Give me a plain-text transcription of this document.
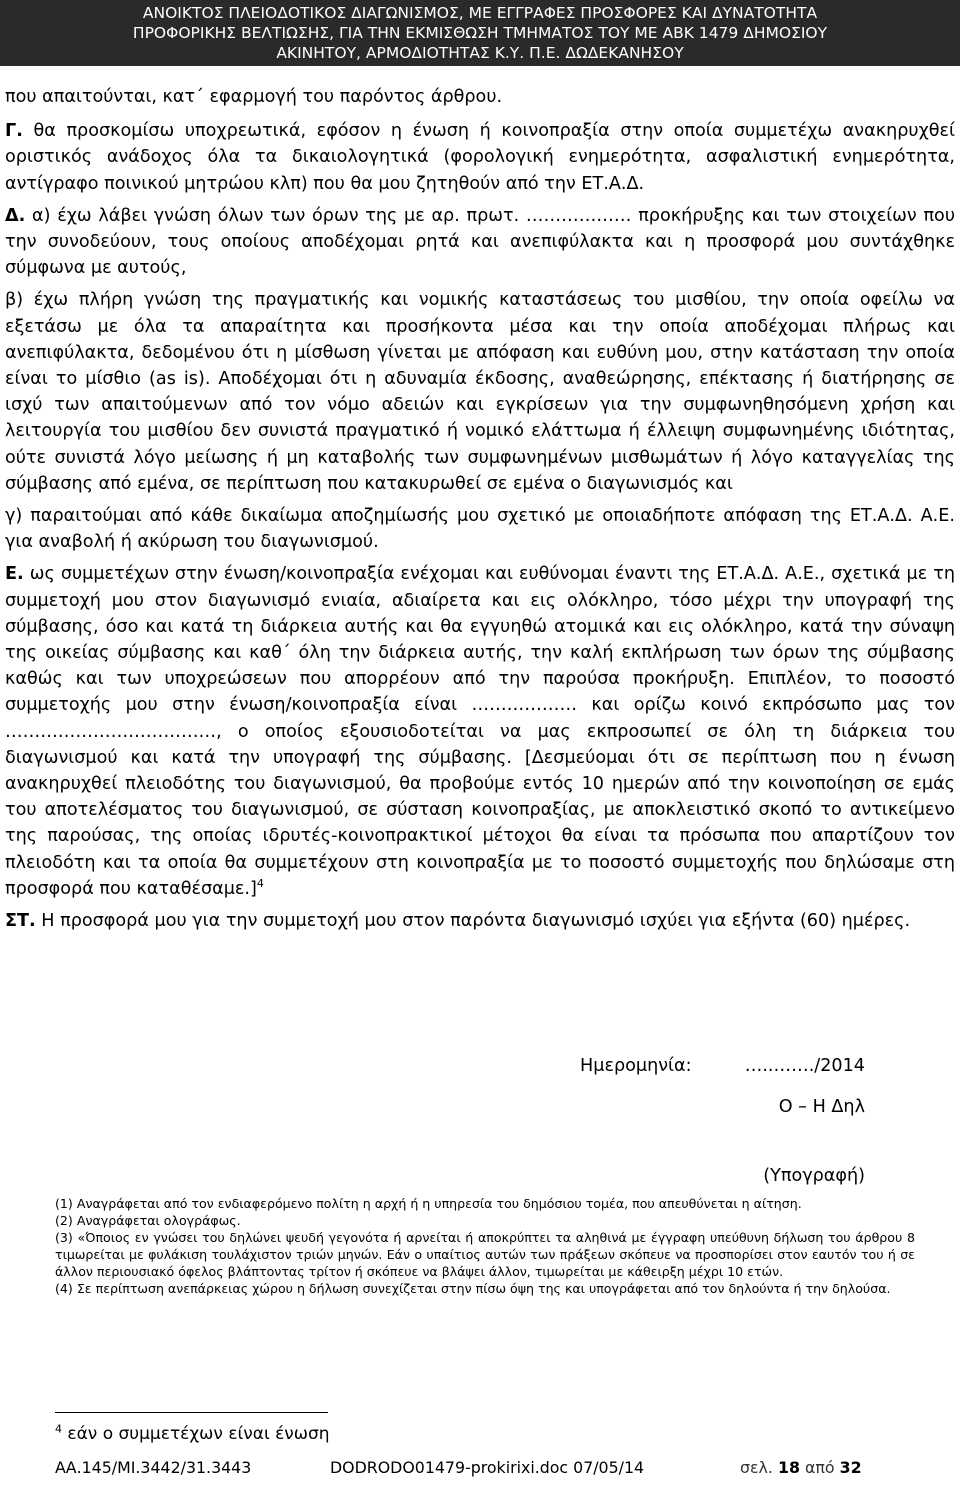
ΑΝΟΙΚΤΟΣ ΠΛΕΙΟΔΟΤΙΚΟΣ ΔΙΑΓΩΝΙΣΜΟΣ, ΜΕ ΕΓΓΡΑΦΕΣ ΠΡΟΣΦΟΡΕΣ ΚΑΙ ΔΥΝΑΤΟΤΗΤΑ
ΠΡΟΦΟΡΙΚΗΣ ΒΕΛΤΙΩΣΗΣ, ΓΙΑ ΤΗΝ ΕΚΜΙΣΘΩΣΗ ΤΜΗΜΑΤΟΣ ΤΟΥ ΜΕ ΑΒΚ 1479 ΔΗΜΟΣΙΟΥ
ΑΚΙΝΗΤΟΥ, ΑΡΜΟΔΙΟΤΗΤΑΣ Κ.Υ. Π.Ε. ΔΩΔΕΚΑΝΗΣΟΥ

που απαιτούνται, κατ΄ εφαρμογή του παρόντος άρθρου.

Γ. θα προσκομίσω υποχρεωτικά, εφόσον η ένωση ή κοινοπραξία στην οποία συμμετέχω ανακηρυχθεί οριστικός ανάδοχος όλα τα δικαιολογητικά (φορολογική ενημερότητα, ασφαλιστική ενημερότητα, αντίγραφο ποινικού μητρώου κλπ) που θα μου ζητηθούν από την ΕΤ.Α.Δ.

Δ. α) έχω λάβει γνώση όλων των όρων της με αρ. πρωτ. ……………… προκήρυξης και των στοιχείων που την συνοδεύουν, τους οποίους αποδέχομαι ρητά και ανεπιφύλακτα και η προσφορά μου συντάχθηκε σύμφωνα με αυτούς,

β) έχω πλήρη γνώση της πραγματικής και νομικής καταστάσεως του μισθίου, την οποία οφείλω να εξετάσω με όλα τα απαραίτητα και προσήκοντα μέσα και την οποία αποδέχομαι πλήρως και ανεπιφύλακτα, δεδομένου ότι η μίσθωση γίνεται με απόφαση και ευθύνη μου, στην κατάσταση την οποία είναι το μίσθιο (as is). Αποδέχομαι ότι η αδυναμία έκδοσης, αναθεώρησης, επέκτασης ή διατήρησης σε ισχύ των απαιτούμενων από τον νόμο αδειών και εγκρίσεων για την συμφωνηθησόμενη χρήση και λειτουργία του μισθίου δεν συνιστά πραγματικό ή νομικό ελάττωμα ή έλλειψη συμφωνημένης ιδιότητας, ούτε συνιστά λόγο μείωσης ή μη καταβολής των συμφωνημένων μισθωμάτων ή λόγο καταγγελίας της σύμβασης από εμένα, σε περίπτωση που κατακυρωθεί σε εμένα ο διαγωνισμός και

γ) παραιτούμαι από κάθε δικαίωμα αποζημίωσής μου σχετικό με οποιαδήποτε απόφαση της ΕΤ.Α.Δ. Α.Ε. για αναβολή ή ακύρωση του διαγωνισμού.

Ε. ως συμμετέχων στην ένωση/κοινοπραξία ενέχομαι και ευθύνομαι έναντι της ΕΤ.Α.Δ. Α.Ε., σχετικά με τη συμμετοχή μου στον διαγωνισμό ενιαία, αδιαίρετα και εις ολόκληρο, τόσο μέχρι την υπογραφή της σύμβασης, όσο και κατά τη διάρκεια αυτής και θα εγγυηθώ ατομικά και εις ολόκληρο, κατά την σύναψη της οικείας σύμβασης και καθ΄ όλη την διάρκεια αυτής, την καλή εκπλήρωση των όρων της σύμβασης καθώς και των υποχρεώσεων που απορρέουν από την παρούσα προκήρυξη. Επιπλέον, το ποσοστό συμμετοχής μου στην ένωση/κοινοπραξία είναι ……………… και ορίζω κοινό εκπρόσωπο μας τον ………………………………, ο οποίος εξουσιοδοτείται να μας εκπροσωπεί σε όλη τη διάρκεια του διαγωνισμού και κατά την υπογραφή της σύμβασης. [Δεσμεύομαι ότι σε περίπτωση που η ένωση ανακηρυχθεί πλειοδότης του διαγωνισμού, θα προβούμε εντός 10 ημερών από την κοινοποίηση σε εμάς του αποτελέσματος του διαγωνισμού, σε σύσταση κοινοπραξίας, με αποκλειστικό σκοπό το αντικείμενο της παρούσας, της οποίας ιδρυτές-κοινοπρακτικοί μέτοχοι θα είναι τα πρόσωπα που απαρτίζουν τον πλειοδότη και τα οποία θα συμμετέχουν στη κοινοπραξία με το ποσοστό συμμετοχής που δηλώσαμε στη προσφορά που καταθέσαμε.]$^4$

ΣΤ. Η προσφορά μου για την συμμετοχή μου στον παρόντα διαγωνισμό ισχύει για εξήντα (60) ημέρες.

Ημερομηνία:	…..……./2014
Ο – Η Δηλ
(Υπογραφή)

(1) Αναγράφεται από τον ενδιαφερόμενο πολίτη η αρχή ή η υπηρεσία του δημόσιου τομέα, που απευθύνεται η αίτηση.

(2) Αναγράφεται ολογράφως.

(3) «Όποιος εν γνώσει του δηλώνει ψευδή γεγονότα ή αρνείται ή αποκρύπτει τα αληθινά με έγγραφη υπεύθυνη δήλωση του άρθρου 8 τιμωρείται με φυλάκιση τουλάχιστον τριών μηνών. Εάν ο υπαίτιος αυτών των πράξεων σκόπευε να προσπορίσει στον εαυτόν του ή σε άλλον περιουσιακό όφελος βλάπτοντας τρίτον ή σκόπευε να βλάψει άλλον, τιμωρείται με κάθειρξη μέχρι 10 ετών.

(4) Σε περίπτωση ανεπάρκειας χώρου η δήλωση συνεχίζεται στην πίσω όψη της και υπογράφεται από τον δηλούντα ή την δηλούσα.

$^4$ εάν ο συμμετέχων είναι ένωση
ΑΑ.145/ΜΙ.3442/31.3443	DODRODO01479-prokirixi.doc 07/05/14	σελ. 18 από 32
